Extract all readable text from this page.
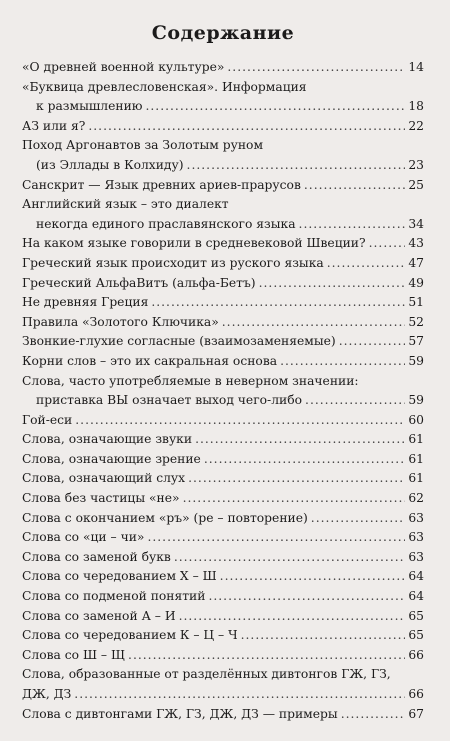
Содержание
«О древней военной культуре» .....	14
«Буквица древлесловенская». Информация
к размышлению .....	18
АЗ или я? .....	22
Поход Аргонавтов за Золотым руном
(из Эллады в Колхиду) .....	23
Санскрит — Язык древних ариев-прарусов .....	25
Английский язык – это диалект
некогда единого праславянского языка .....	34
На каком языке говорили в средневековой Швеции? .....	43
Греческий язык происходит из руского языка .....	47
Греческий АльфаВитъ (альфа-Бетъ) .....	49
Не древняя Греция .....	51
Правила «Золотого Ключика» .....	52
Звонкие-глухие согласные (взаимозаменяемые) .....	57
Корни слов – это их сакральная основа .....	59
Слова, часто употребляемые в неверном значении:
приставка ВЫ означает выход чего-либо .....	59
Гой-еси .....	60
Слова, означающие звуки .....	61
Слова, означающие зрение .....	61
Слова, означающий слух .....	61
Слова без частицы «не» .....	62
Слова с окончанием «ръ» (ре – повторение) .....	63
Слова со «ци – чи» .....	63
Слова со заменой букв .....	63
Слова со чередованием Х – Ш .....	64
Слова со подменой понятий .....	64
Слова со заменой А – И .....	65
Слова со чередованием К – Ц – Ч .....	65
Слова со Ш – Щ .....	66
Слова, образованные от разделённых дивтонгов ГЖ, ГЗ,
ДЖ, ДЗ .....	66
Слова с дивтонгами ГЖ, ГЗ, ДЖ, ДЗ — примеры .....	67
